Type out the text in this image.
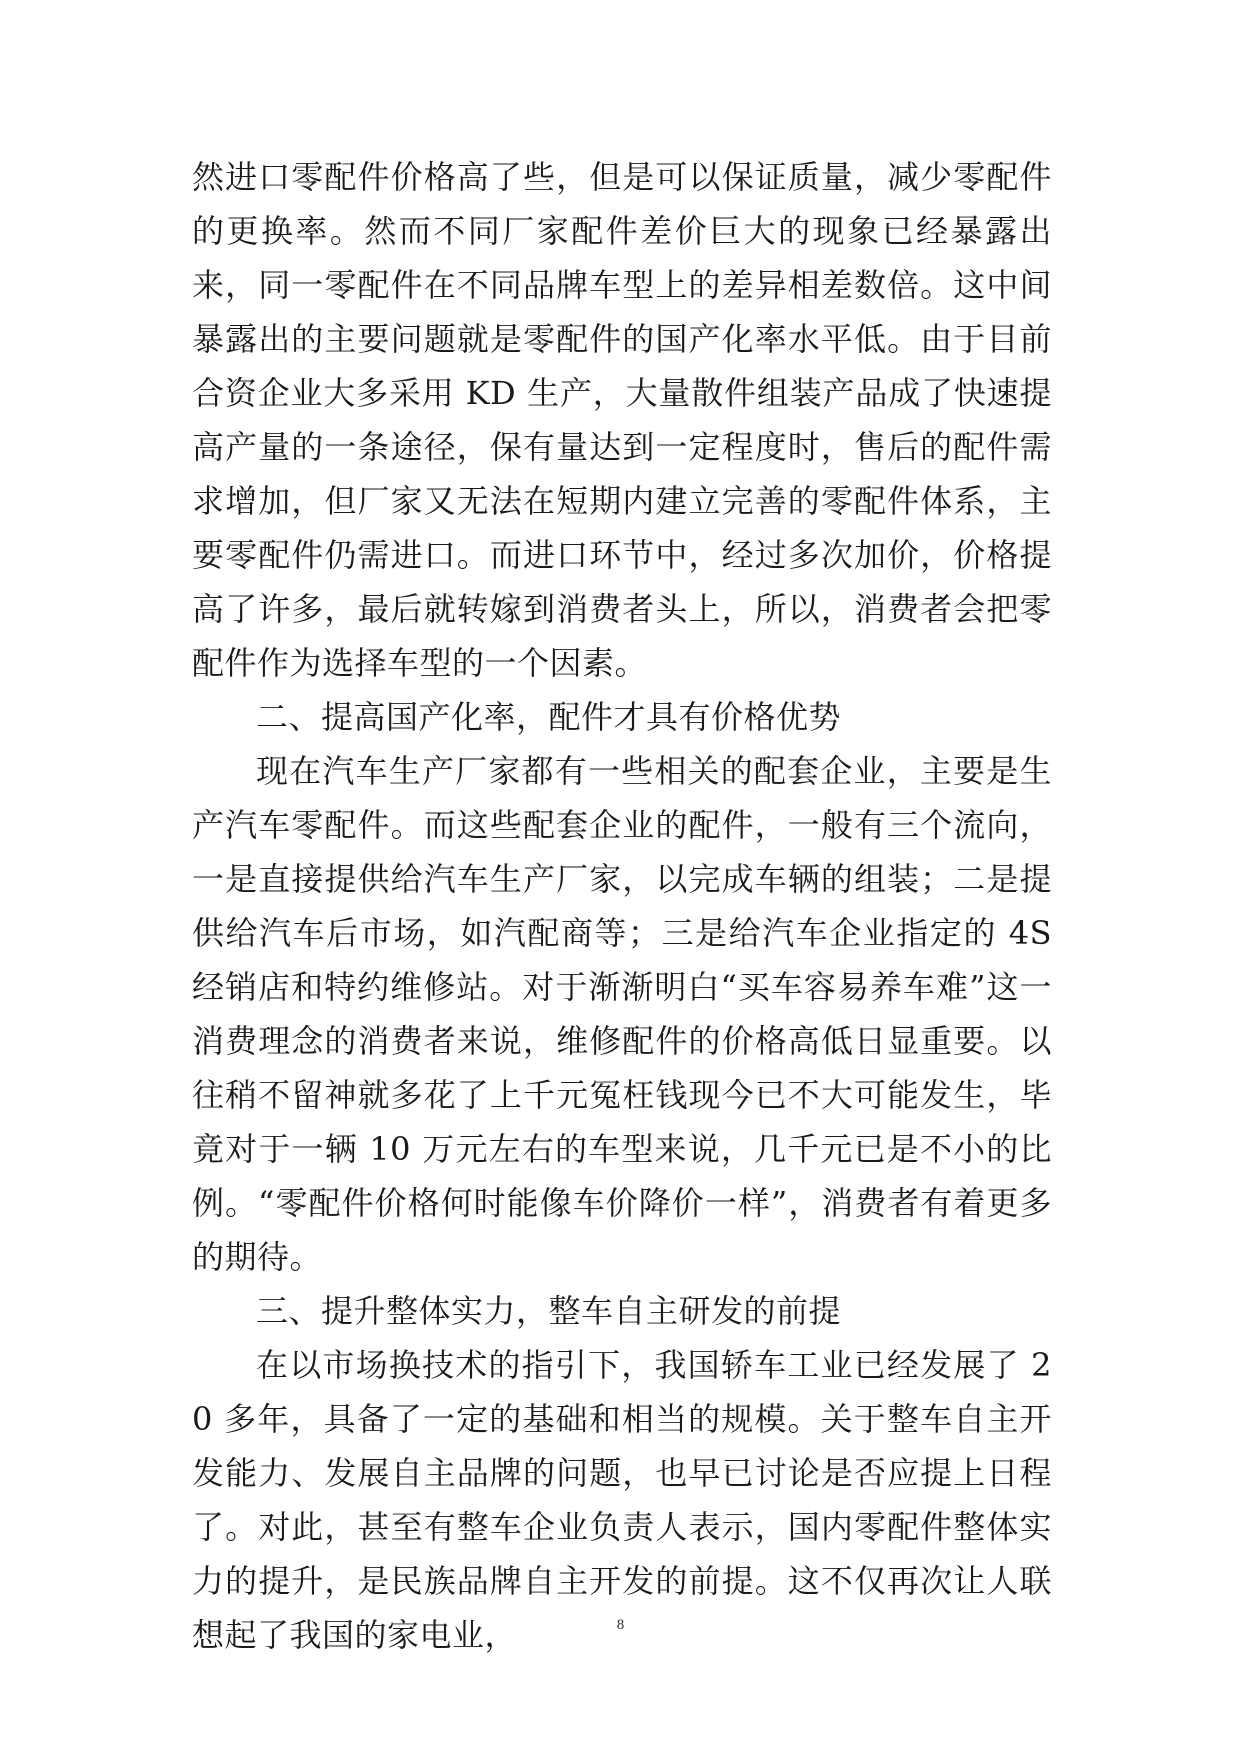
然进口零配件价格高了些，但是可以保证质量，减少零配件的更换率。然而不同厂家配件差价巨大的现象已经暴露出来，同一零配件在不同品牌车型上的差异相差数倍。这中间暴露出的主要问题就是零配件的国产化率水平低。由于目前合资企业大多采用 KD 生产，大量散件组装产品成了快速提高产量的一条途径，保有量达到一定程度时，售后的配件需求增加，但厂家又无法在短期内建立完善的零配件体系，主要零配件仍需进口。而进口环节中，经过多次加价，价格提高了许多，最后就转嫁到消费者头上，所以，消费者会把零配件作为选择车型的一个因素。

二、提高国产化率，配件才具有价格优势

现在汽车生产厂家都有一些相关的配套企业，主要是生产汽车零配件。而这些配套企业的配件，一般有三个流向，一是直接提供给汽车生产厂家，以完成车辆的组装；二是提供给汽车后市场，如汽配商等；三是给汽车企业指定的 4S 经销店和特约维修站。对于渐渐明白“买车容易养车难”这一消费理念的消费者来说，维修配件的价格高低日显重要。以往稍不留神就多花了上千元冤枉钱现今已不大可能发生，毕竟对于一辆 10 万元左右的车型来说，几千元已是不小的比例。“零配件价格何时能像车价降价一样”，消费者有着更多的期待。

三、提升整体实力，整车自主研发的前提

在以市场换技术的指引下，我国轿车工业已经发展了 20 多年，具备了一定的基础和相当的规模。关于整车自主开发能力、发展自主品牌的问题，也早已讨论是否应提上日程了。对此，甚至有整车企业负责人表示，国内零配件整体实力的提升，是民族品牌自主开发的前提。这不仅再次让人联想起了我国的家电业，	8
